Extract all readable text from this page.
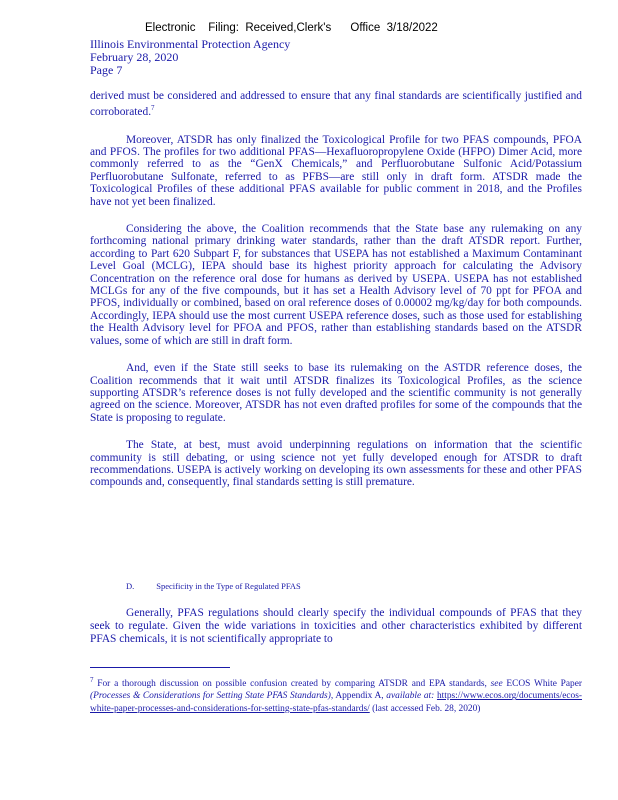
Electronic    Filing:  Received,Clerk's      Office  3/18/2022
Illinois Environmental Protection Agency
February 28, 2020
Page 7

derived must be considered and addressed to ensure that any final standards are scientifically justified and corroborated.$^7$

Moreover, ATSDR has only finalized the Toxicological Profile for two PFAS compounds, PFOA and PFOS. The profiles for two additional PFAS—Hexafluoropropylene Oxide (HFPO) Dimer Acid, more commonly referred to as the “GenX Chemicals,” and Perfluorobutane Sulfonic Acid/Potassium Perfluorobutane Sulfonate, referred to as PFBS—are still only in draft form. ATSDR made the Toxicological Profiles of these additional PFAS available for public comment in 2018, and the Profiles have not yet been finalized.

Considering the above, the Coalition recommends that the State base any rulemaking on any forthcoming national primary drinking water standards, rather than the draft ATSDR report. Further, according to Part 620 Subpart F, for substances that USEPA has not established a Maximum Contaminant Level Goal (MCLG), IEPA should base its highest priority approach for calculating the Advisory Concentration on the reference oral dose for humans as derived by USEPA. USEPA has not established MCLGs for any of the five compounds, but it has set a Health Advisory level of 70 ppt for PFOA and PFOS, individually or combined, based on oral reference doses of 0.00002 mg/kg/day for both compounds. Accordingly, IEPA should use the most current USEPA reference doses, such as those used for establishing the Health Advisory level for PFOA and PFOS, rather than establishing standards based on the ATSDR values, some of which are still in draft form.

And, even if the State still seeks to base its rulemaking on the ASTDR reference doses, the Coalition recommends that it wait until ATSDR finalizes its Toxicological Profiles, as the science supporting ATSDR’s reference doses is not fully developed and the scientific community is not generally agreed on the science. Moreover, ATSDR has not even drafted profiles for some of the compounds that the State is proposing to regulate.

The State, at best, must avoid underpinning regulations on information that the scientific community is still debating, or using science not yet fully developed enough for ATSDR to draft recommendations. USEPA is actively working on developing its own assessments for these and other PFAS compounds and, consequently, final standards setting is still premature.

D.	Specificity in the Type of Regulated PFAS
Generally, PFAS regulations should clearly specify the individual compounds of PFAS that they seek to regulate. Given the wide variations in toxicities and other characteristics exhibited by different PFAS chemicals, it is not scientifically appropriate to
$^7$ For a thorough discussion on possible confusion created by comparing ATSDR and EPA standards, see ECOS White Paper (Processes & Considerations for Setting State PFAS Standards), Appendix A, available at: https://www.ecos.org/documents/ecos-white-paper-processes-and-considerations-for-setting-state-pfas-standards/ (last accessed Feb. 28, 2020)
